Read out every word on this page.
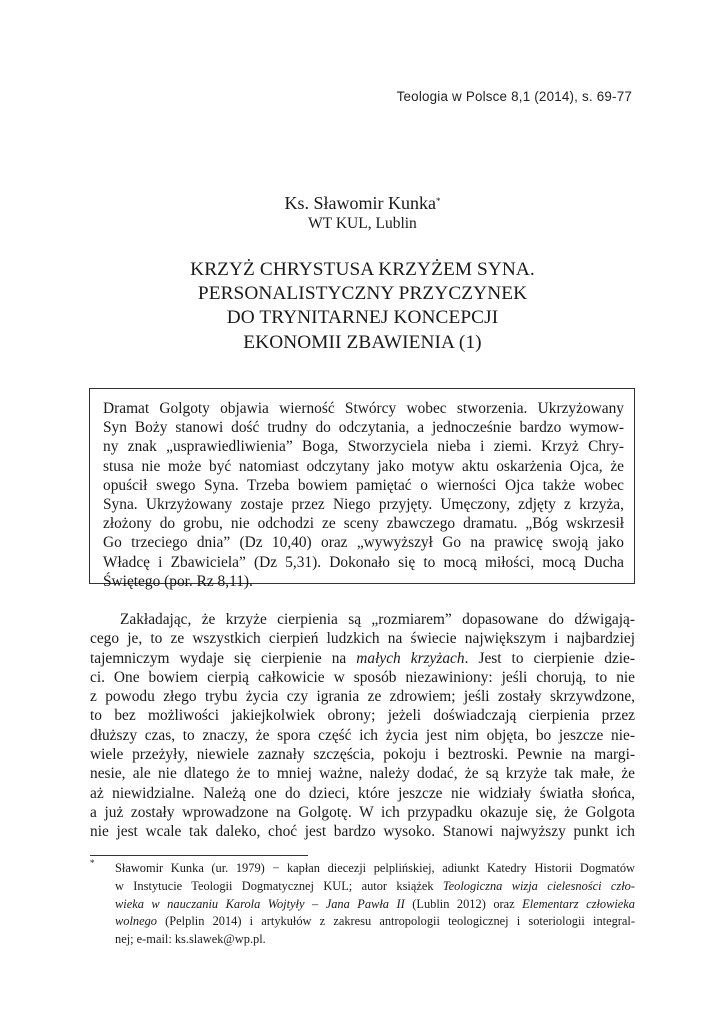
Teologia w Polsce 8,1 (2014), s. 69-77
Ks. Sławomir Kunka*
WT KUL, Lublin
KRZYŻ CHRYSTUSA KRZYŻEM SYNA.
PERSONALISTYCZNY PRZYCZYNEK
DO TRYNITARNEJ KONCEPCJI
EKONOMII ZBAWIENIA (1)
Dramat Golgoty objawia wierność Stwórcy wobec stworzenia. Ukrzyżowany
Syn Boży stanowi dość trudny do odczytania, a jednocześnie bardzo wymow-
ny znak „usprawiedliwienia” Boga, Stworzyciela nieba i ziemi. Krzyż Chry-
stusa nie może być natomiast odczytany jako motyw aktu oskarżenia Ojca, że
opuścił swego Syna. Trzeba bowiem pamiętać o wierności Ojca także wobec
Syna. Ukrzyżowany zostaje przez Niego przyjęty. Umęczony, zdjęty z krzyża,
złożony do grobu, nie odchodzi ze sceny zbawczego dramatu. „Bóg wskrzesił
Go trzeciego dnia” (Dz 10,40) oraz „wywyższył Go na prawicę swoją jako
Władcę i Zbawiciela” (Dz 5,31). Dokonało się to mocą miłości, mocą Ducha
Świętego (por. Rz 8,11).
Zakładając, że krzyże cierpienia są „rozmiarem” dopasowane do dźwigają-
cego je, to ze wszystkich cierpień ludzkich na świecie największym i najbardziej
tajemniczym wydaje się cierpienie na małych krzyżach. Jest to cierpienie dzie-
ci. One bowiem cierpią całkowicie w sposób niezawiniony: jeśli chorują, to nie
z powodu złego trybu życia czy igrania ze zdrowiem; jeśli zostały skrzywdzone,
to bez możliwości jakiejkolwiek obrony; jeżeli doświadczają cierpienia przez
dłuższy czas, to znaczy, że spora część ich życia jest nim objęta, bo jeszcze nie-
wiele przeżyły, niewiele zaznały szczęścia, pokoju i beztroski. Pewnie na margi-
nesie, ale nie dlatego że to mniej ważne, należy dodać, że są krzyże tak małe, że
aż niewidzialne. Należą one do dzieci, które jeszcze nie widziały światła słońca,
a już zostały wprowadzone na Golgotę. W ich przypadku okazuje się, że Golgota
nie jest wcale tak daleko, choć jest bardzo wysoko. Stanowi najwyższy punkt ich
*	Sławomir Kunka (ur. 1979) − kapłan diecezji pelplińskiej, adiunkt Katedry Historii Dogmatów
w Instytucie Teologii Dogmatycznej KUL; autor książek Teologiczna wizja cielesności czło-
wieka w nauczaniu Karola Wojtyły – Jana Pawła II (Lublin 2012) oraz Elementarz człowieka
wolnego (Pelplin 2014) i artykułów z zakresu antropologii teologicznej i soteriologii integral-
nej; e-mail: ks.slawek@wp.pl.
